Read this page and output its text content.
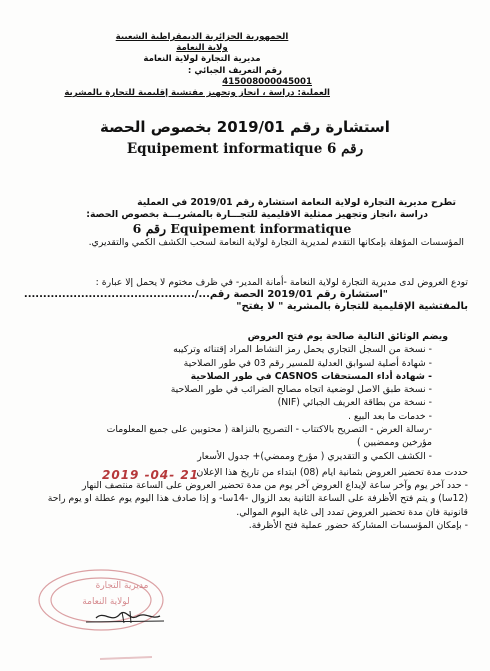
الجمهورية الجزائرية الديمقراطية الشعبية
ولاية النعامة
مديرية التجارة لولاية النعامة
رقم التعريف الجبائي :
415008000045001
العملية: دراسة ، انجاز وتجهيز مفتشية إقليمية للتجارة بالمشرية
استشارة رقم 2019/01 بخصوص الحصة
Equipement informatique رقم 6
تطرح مديرية التجارة لولاية النعامة استشارة رقم 2019/01 في العملية
دراسة ،انجاز وتجهيز ممثلية الاقليمية للتجـــارة بالمشريـــة بخصوص الحصة:
Equipement informatique رقم 6
المؤسسات المؤهلة بإمكانها التقدم لمديرية التجارة لولاية النعامة لسحب الكشف الكمي والتقديري.
تودع العروض لدى مديرية التجارة لولاية النعامة -أمانة المدير- في ظرف مختوم لا يحمل إلا عبارة :
"استشارة رقم 2019/01 الحصة رقم.../.............................................
بالمفتشية الإقليمية للتجارة بالمشرية " لا يفتح"
ويضم الوثائق التالية صالحة يوم فتح العروض
- نسخة من السجل التجاري يحمل رمز النشاط المراد إقتنائه وتركيبه
- شهادة أصلية لسوابق العدلية للمسير رقم 03 في طور الصلاحية
- شهادة أداء المستحقات CASNOS في طور الصلاحية
- نسخة طبق الاصل لوضعية اتجاه مصالح الضرائب في طور الصلاحية
- نسخة من بطاقة العريف الجبائي (NIF)
- خدمات ما بعد البيع .
-رسالة العرض - التصريح بالاكتتاب - التصريح بالنزاهة ( محتوبين على جميع المعلومات
مؤرخين وممضيين )
- الكشف الكمي و التقديري ( مؤرخ وممضي)+ جدول الأسعار
حددت مدة تحضير العروض بثمانية ايام (08) ابتداء من تاريخ هذا الإعلان
- حدد آخر يوم وآخر ساعة لإيداع العروض آخر يوم من مدة تحضير العروض على الساعة منتصف النهار
(12سا) و يتم فتح الأظرفة على الساعة الثانية بعد الزوال -14سا- و إذا صادف هذا اليوم يوم عطلة او يوم راحة
قانونية فان مدة تحضير العروض تمدد إلى غاية اليوم الموالي.
- بإمكان المؤسسات المشاركة حضور عملية فتح الأظرفة.
2019 -04- 21
مديرية التجارة
لولاية النعامة
